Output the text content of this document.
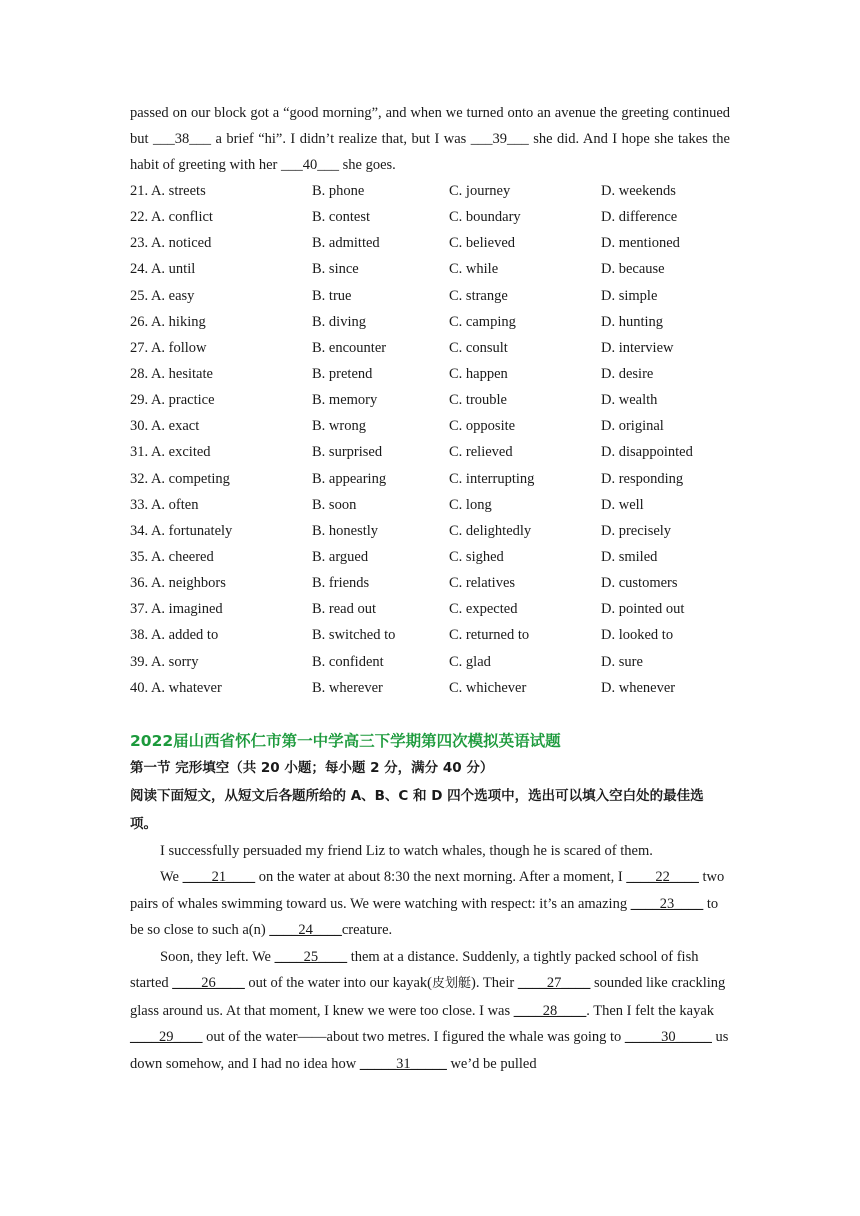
passed on our block got a “good morning”, and when we turned onto an avenue the greeting continued but ___38___ a brief “hi”. I didn’t realize that, but I was ___39___ she did. And I hope she takes the habit of greeting with her ___40___ she goes.

21. A. streets	B. phone	C. journey	D. weekends
22. A. conflict	B. contest	C. boundary	D. difference
23. A. noticed	B. admitted	C. believed	D. mentioned
24. A. until	B. since	C. while	D. because
25. A. easy	B. true	C. strange	D. simple
26. A. hiking	B. diving	C. camping	D. hunting
27. A. follow	B. encounter	C. consult	D. interview
28. A. hesitate	B. pretend	C. happen	D. desire
29. A. practice	B. memory	C. trouble	D. wealth
30. A. exact	B. wrong	C. opposite	D. original
31. A. excited	B. surprised	C. relieved	D. disappointed
32. A. competing	B. appearing	C. interrupting	D. responding
33. A. often	B. soon	C. long	D. well
34. A. fortunately	B. honestly	C. delightedly	D. precisely
35. A. cheered	B. argued	C. sighed	D. smiled
36. A. neighbors	B. friends	C. relatives	D. customers
37. A. imagined	B. read out	C. expected	D. pointed out
38. A. added to	B. switched to	C. returned to	D. looked to
39. A. sorry	B. confident	C. glad	D. sure
40. A. whatever	B. wherever	C. whichever	D. whenever
2022届山西省怀仁市第一中学高三下学期第四次模拟英语试题

第一节 完形填空（共 20 小题；每小题 2 分，满分 40 分）

阅读下面短文，从短文后各题所给的 A、B、C 和 D 四个选项中，选出可以填入空白处的最佳选项。

I successfully persuaded my friend Liz to watch whales, though he is scared of them.

We ____21____ on the water at about 8:30 the next morning. After a moment, I ____22____ two pairs of whales swimming toward us. We were watching with respect: it’s an amazing ____23____ to be so close to such a(n) ____24____creature.

Soon, they left. We ____25____ them at a distance. Suddenly, a tightly packed school of fish started ____26____ out of the water into our kayak(皮划艇). Their ____27____ sounded like crackling glass around us. At that moment, I knew we were too close. I was ____28____. Then I felt the kayak ____29____ out of the water——about two metres. I figured the whale was going to _____30_____ us down somehow, and I had no idea how _____31_____ we’d be pulled
